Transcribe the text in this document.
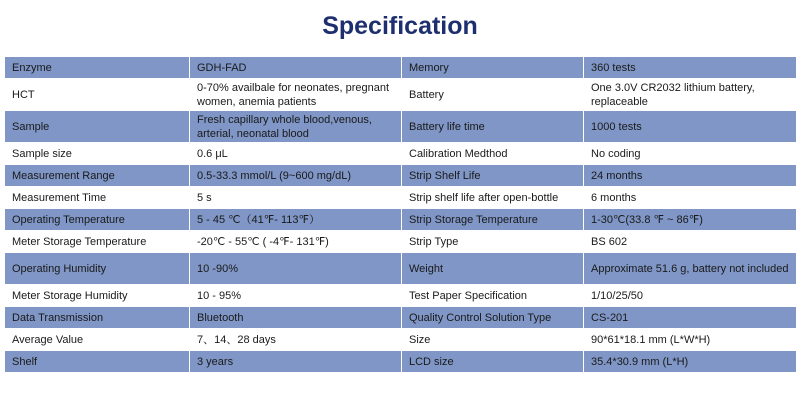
Specification
Enzyme	GDH-FAD	Memory	360 tests
HCT	0-70% availbale for neonates, pregnant women, anemia patients	Battery	One 3.0V CR2032 lithium battery, replaceable
Sample	Fresh capillary whole blood,venous, arterial, neonatal blood	Battery life time	1000 tests
Sample size	0.6 μL	Calibration Medthod	No coding
Measurement Range	0.5-33.3 mmol/L (9~600 mg/dL)	Strip Shelf Life	24 months
Measurement Time	5 s	Strip shelf life after open-bottle	6 months
Operating Temperature	5 - 45 ℃（41℉- 113℉）	Strip Storage Temperature	1-30℃(33.8 ℉ ~ 86℉)
Meter Storage Temperature	-20℃ - 55℃ ( -4℉- 131℉)	Strip Type	BS 602
Operating Humidity	10 -90%	Weight	Approximate 51.6 g, battery not included
Meter Storage Humidity	10 - 95%	Test Paper Specification	1/10/25/50
Data Transmission	Bluetooth	Quality Control Solution Type	CS-201
Average Value	7、14、28 days	Size	90*61*18.1 mm (L*W*H)
Shelf	3 years	LCD size	35.4*30.9 mm (L*H)
